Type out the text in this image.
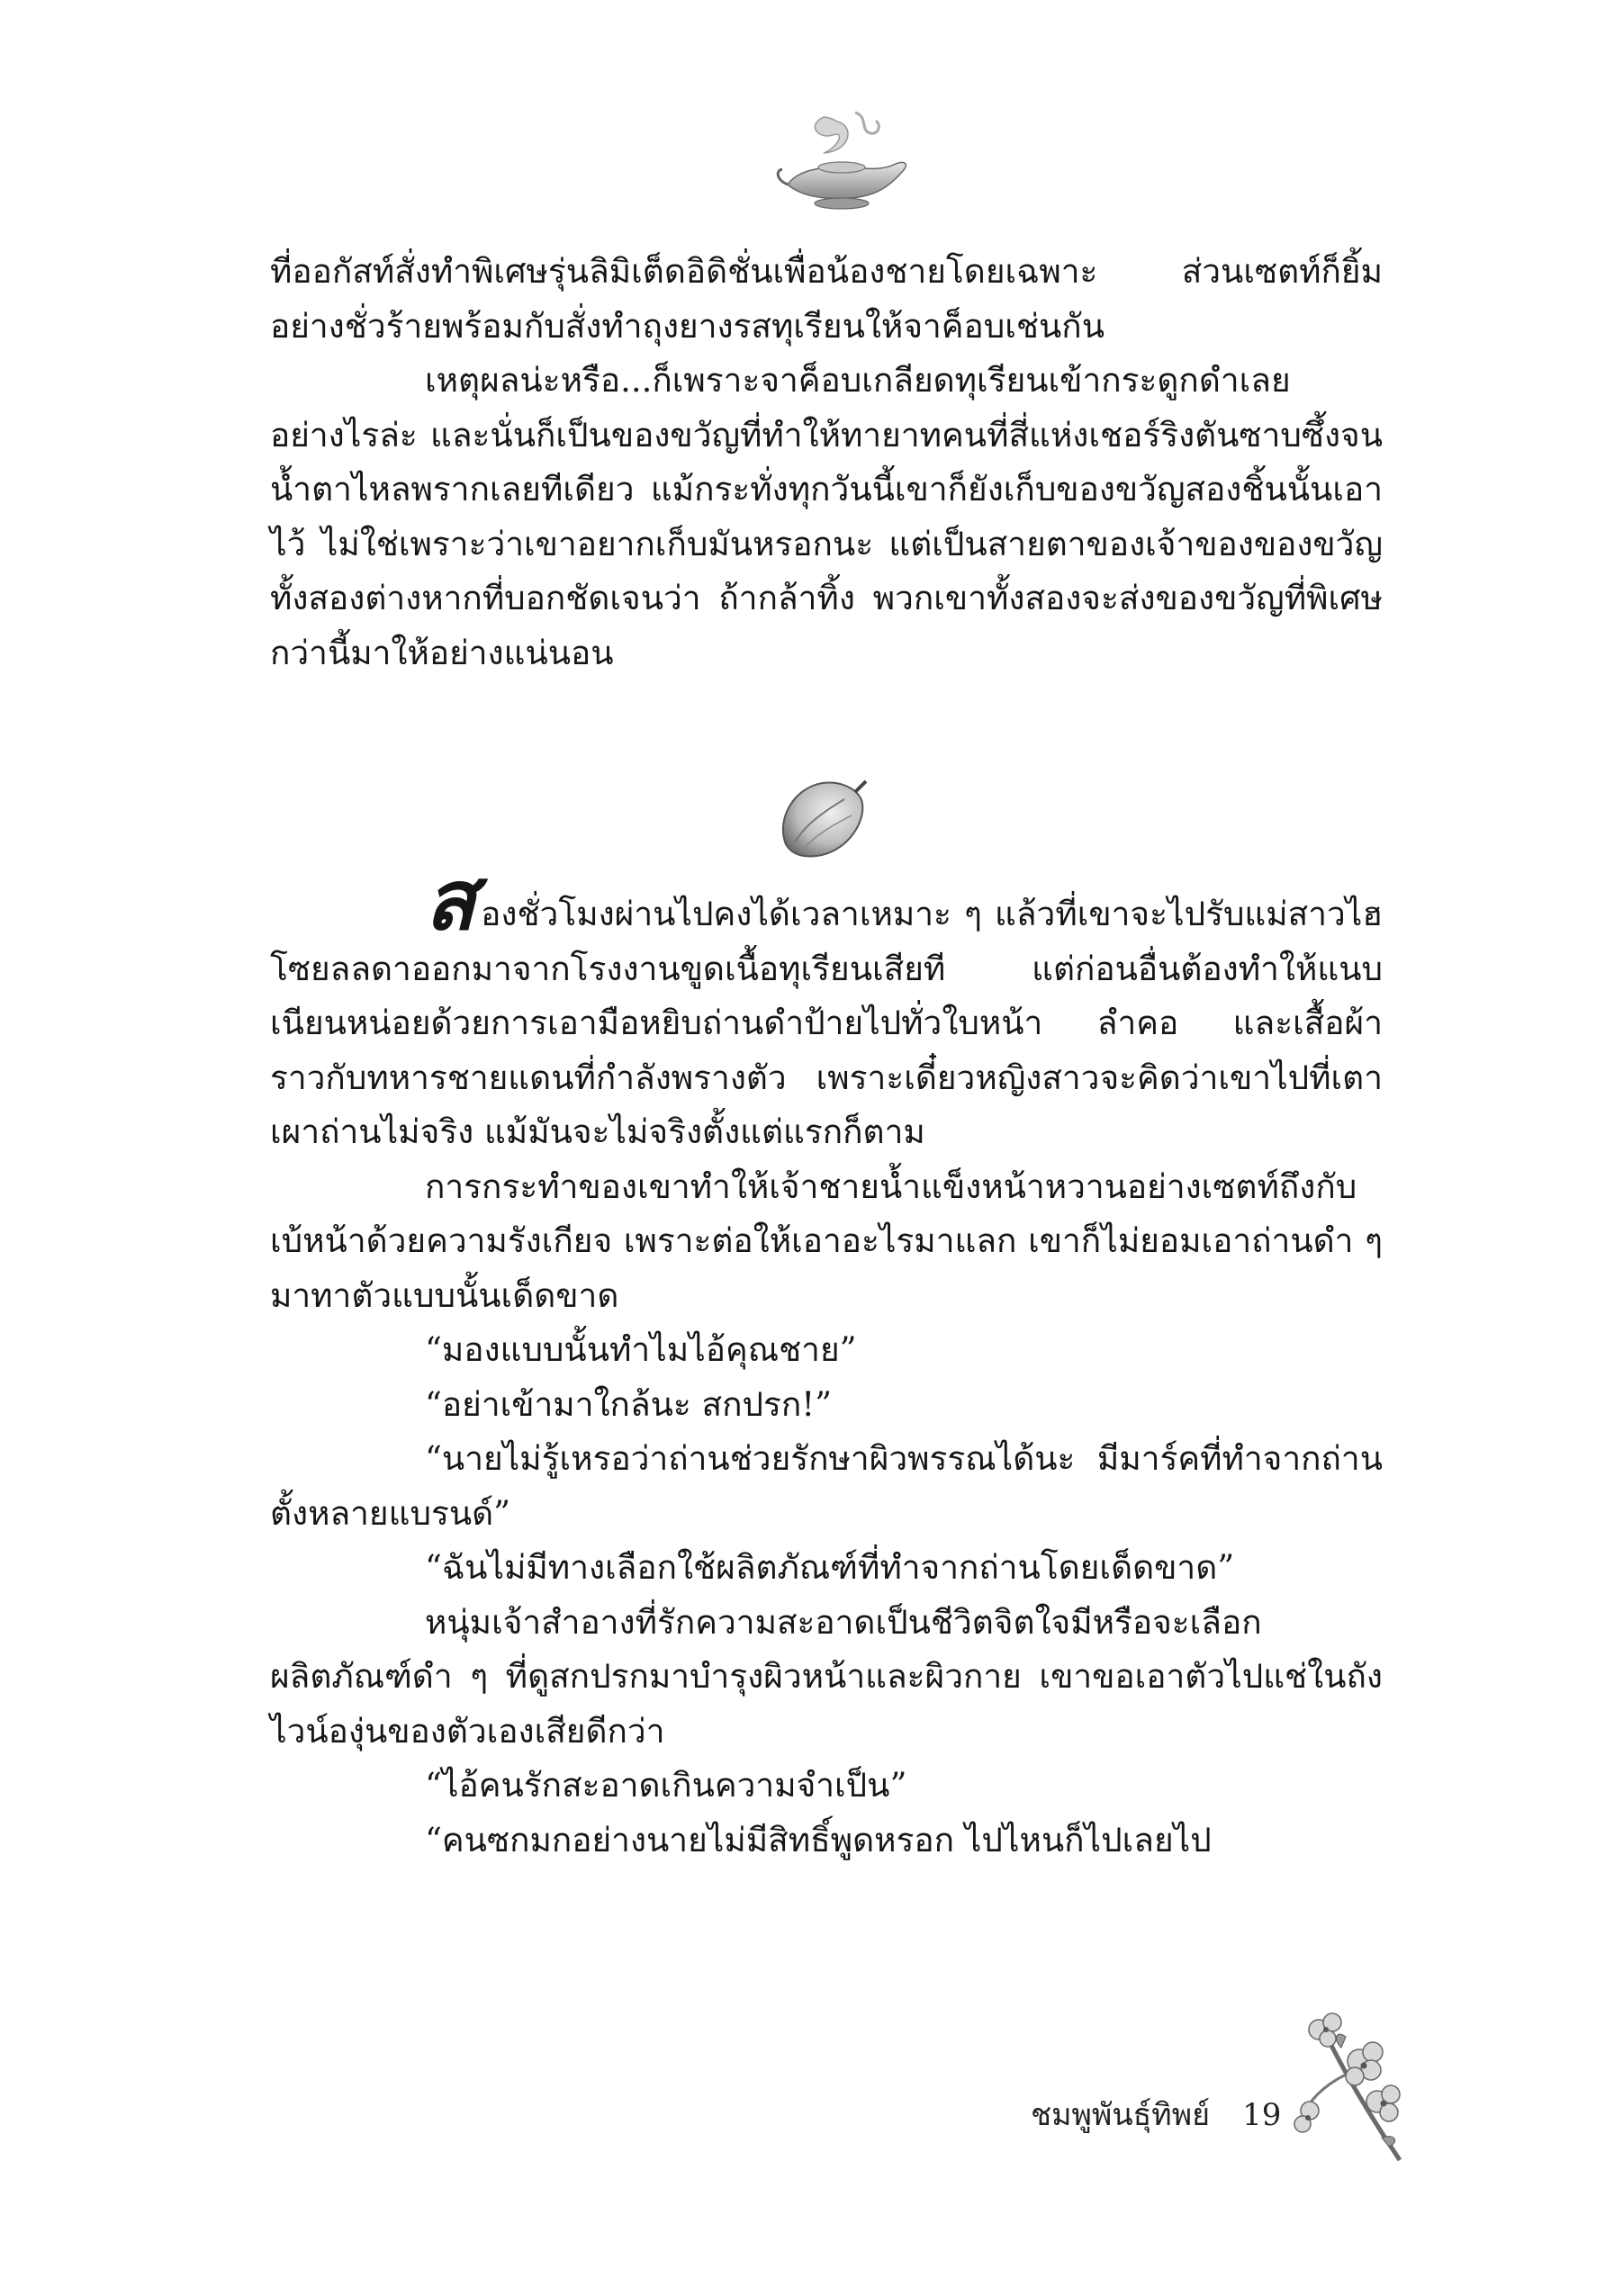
ที่ออกัสท์สั่งทำพิเศษรุ่นลิมิเต็ดอิดิชั่นเพื่อน้องชายโดยเฉพาะ ส่วนเซตท์ก็ยิ้มอย่างชั่วร้ายพร้อมกับสั่งทำถุงยางรสทุเรียนให้จาค็อบเช่นกัน

เหตุผลน่ะหรือ...ก็เพราะจาค็อบเกลียดทุเรียนเข้ากระดูกดำเลยอย่างไรล่ะ และนั่นก็เป็นของขวัญที่ทำให้ทายาทคนที่สี่แห่งเชอร์ริงตันซาบซึ้งจนน้ำตาไหลพรากเลยทีเดียว แม้กระทั่งทุกวันนี้เขาก็ยังเก็บของขวัญสองชิ้นนั้นเอาไว้ ไม่ใช่เพราะว่าเขาอยากเก็บมันหรอกนะ แต่เป็นสายตาของเจ้าของของขวัญทั้งสองต่างหากที่บอกชัดเจนว่า ถ้ากล้าทิ้ง พวกเขาทั้งสองจะส่งของขวัญที่พิเศษกว่านี้มาให้อย่างแน่นอน

สองชั่วโมงผ่านไปคงได้เวลาเหมาะ ๆ แล้วที่เขาจะไปรับแม่สาวไฮโซยลลดาออกมาจากโรงงานขูดเนื้อทุเรียนเสียที แต่ก่อนอื่นต้องทำให้แนบเนียนหน่อยด้วยการเอามือหยิบถ่านดำป้ายไปทั่วใบหน้า ลำคอ และเสื้อผ้าราวกับทหารชายแดนที่กำลังพรางตัว เพราะเดี๋ยวหญิงสาวจะคิดว่าเขาไปที่เตาเผาถ่านไม่จริง แม้มันจะไม่จริงตั้งแต่แรกก็ตาม

การกระทำของเขาทำให้เจ้าชายน้ำแข็งหน้าหวานอย่างเซตท์ถึงกับเบ้หน้าด้วยความรังเกียจ เพราะต่อให้เอาอะไรมาแลก เขาก็ไม่ยอมเอาถ่านดำ ๆ มาทาตัวแบบนั้นเด็ดขาด

“มองแบบนั้นทำไมไอ้คุณชาย”

“อย่าเข้ามาใกล้นะ สกปรก!”

“นายไม่รู้เหรอว่าถ่านช่วยรักษาผิวพรรณได้นะ มีมาร์คที่ทำจากถ่านตั้งหลายแบรนด์”

“ฉันไม่มีทางเลือกใช้ผลิตภัณฑ์ที่ทำจากถ่านโดยเด็ดขาด”

หนุ่มเจ้าสำอางที่รักความสะอาดเป็นชีวิตจิตใจมีหรือจะเลือกผลิตภัณฑ์ดำ ๆ ที่ดูสกปรกมาบำรุงผิวหน้าและผิวกาย เขาขอเอาตัวไปแช่ในถังไวน์องุ่นของตัวเองเสียดีกว่า

“ไอ้คนรักสะอาดเกินความจำเป็น”

“คนซกมกอย่างนายไม่มีสิทธิ์พูดหรอก ไปไหนก็ไปเลยไป

ชมพูพันธุ์ทิพย์ 19
